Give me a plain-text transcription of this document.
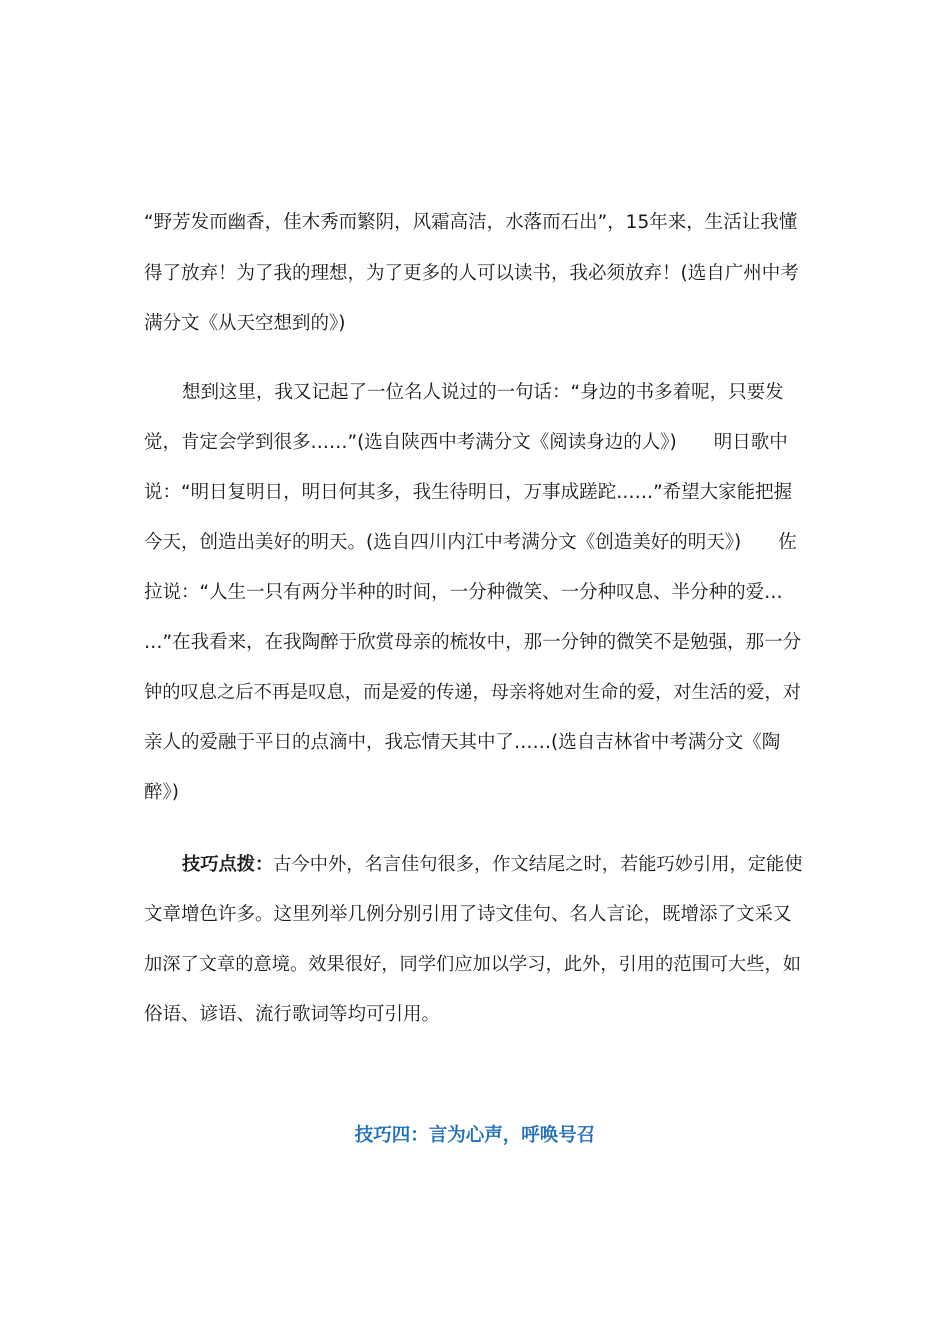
“野芳发而幽香，佳木秀而繁阴，风霜高洁，水落而石出”，15年来，生活让我懂
得了放弃！为了我的理想，为了更多的人可以读书，我必须放弃！(选自广州中考
满分文《从天空想到的》)
想到这里，我又记起了一位名人说过的一句话：“身边的书多着呢，只要发
觉，肯定会学到很多……”(选自陕西中考满分文《阅读身边的人》)　　明日歌中
说：“明日复明日，明日何其多，我生待明日，万事成蹉跎……”希望大家能把握
今天，创造出美好的明天。(选自四川内江中考满分文《创造美好的明天》)　　佐
拉说：“人生一只有两分半种的时间，一分种微笑、一分种叹息、半分种的爱…
…”在我看来，在我陶醉于欣赏母亲的梳妆中，那一分钟的微笑不是勉强，那一分
钟的叹息之后不再是叹息，而是爱的传递，母亲将她对生命的爱，对生活的爱，对
亲人的爱融于平日的点滴中，我忘情天其中了……(选自吉林省中考满分文《陶
醉》)
技巧点拨：古今中外，名言佳句很多，作文结尾之时，若能巧妙引用，定能使
文章增色许多。这里列举几例分别引用了诗文佳句、名人言论，既增添了文采又
加深了文章的意境。效果很好，同学们应加以学习，此外，引用的范围可大些，如
俗语、谚语、流行歌词等均可引用。
技巧四：言为心声，呼唤号召
